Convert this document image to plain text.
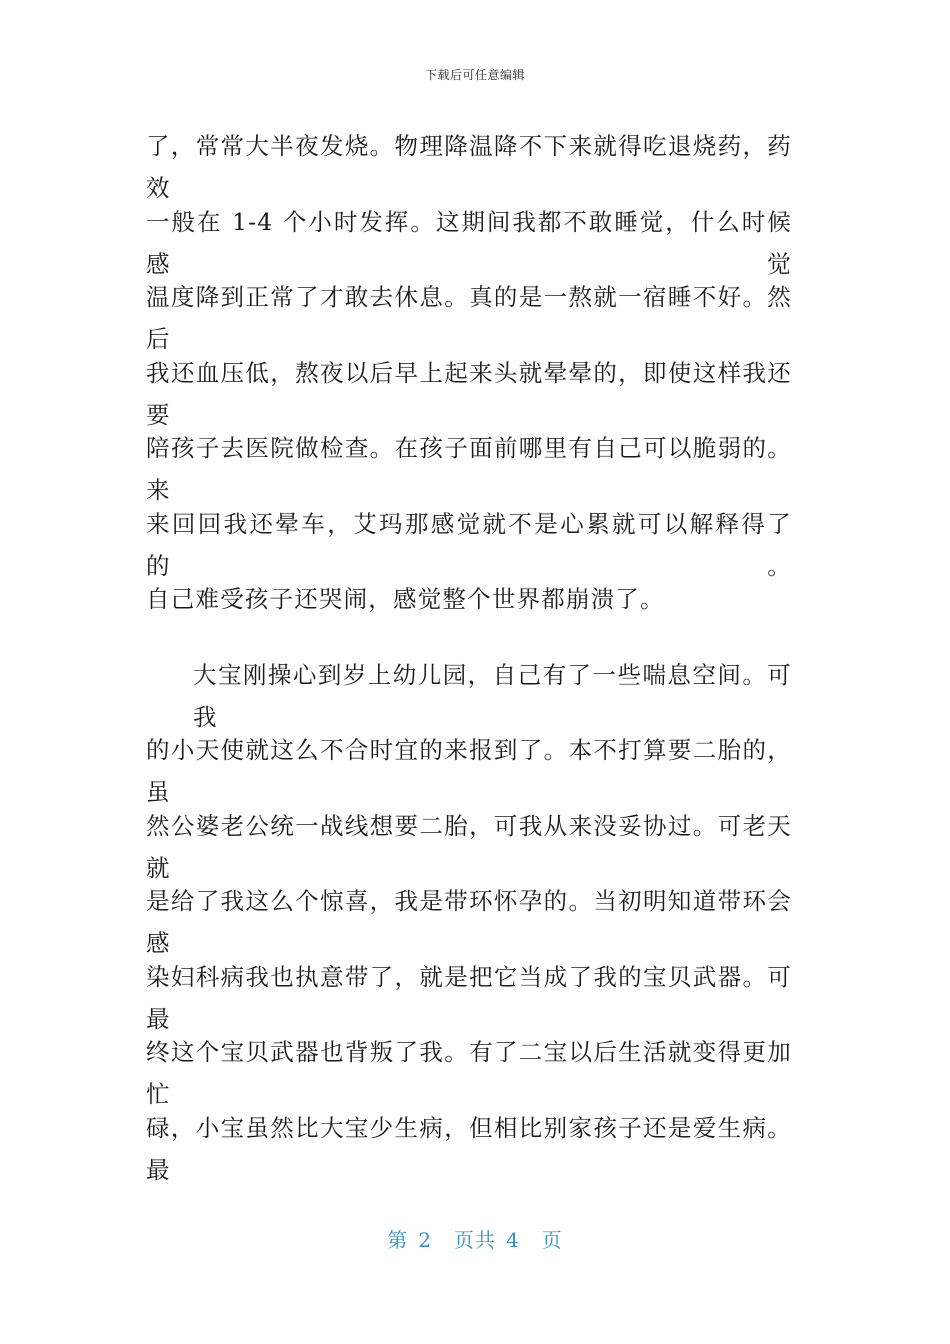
下载后可任意编辑
了，常常大半夜发烧。物理降温降不下来就得吃退烧药，药效
一般在 1-4 个小时发挥。这期间我都不敢睡觉，什么时候感觉
温度降到正常了才敢去休息。真的是一熬就一宿睡不好。然后
我还血压低，熬夜以后早上起来头就晕晕的，即使这样我还要
陪孩子去医院做检查。在孩子面前哪里有自己可以脆弱的。来
来回回我还晕车，艾玛那感觉就不是心累就可以解释得了的。
自己难受孩子还哭闹，感觉整个世界都崩溃了。
大宝刚操心到岁上幼儿园，自己有了一些喘息空间。可我
的小天使就这么不合时宜的来报到了。本不打算要二胎的，虽
然公婆老公统一战线想要二胎，可我从来没妥协过。可老天就
是给了我这么个惊喜，我是带环怀孕的。当初明知道带环会感
染妇科病我也执意带了，就是把它当成了我的宝贝武器。可最
终这个宝贝武器也背叛了我。有了二宝以后生活就变得更加忙
碌，小宝虽然比大宝少生病，但相比别家孩子还是爱生病。最
第 2 页共 4 页
